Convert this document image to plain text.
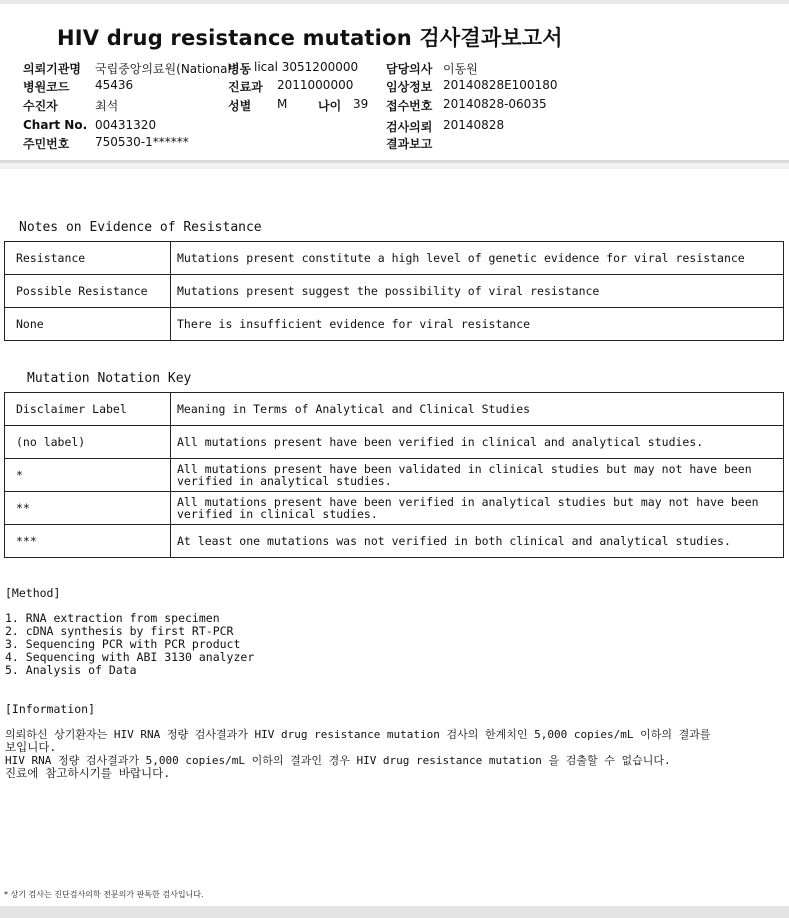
HIV drug resistance mutation 검사결과보고서
의뢰기관명 국립중앙의료원(National
병동 lical 3051200000 담당의사 이동원
병원코드 45436	진료과 2011000000	임상정보 20140828E100180
수진자	최석	성별 M	나이 39 접수번호 20140828-06035
Chart No. 00431320	검사의뢰 20140828
주민번호 750530-1******	결과보고
Notes on Evidence of Resistance
Resistance	Mutations present constitute a high level of genetic evidence for viral resistance
Possible Resistance	Mutations present suggest the possibility of viral resistance
None	There is insufficient evidence for viral resistance
Mutation Notation Key
Disclaimer Label	Meaning in Terms of Analytical and Clinical Studies
(no label)	All mutations present have been verified in clinical and analytical studies.
*	All mutations present have been validated in clinical studies but may not have been verified in analytical studies.
**	All mutations present have been verified in analytical studies but may not have been verified in clinical studies.
***	At least one mutations was not verified in both clinical and analytical studies.
[Method]
1. RNA extraction from specimen
2. cDNA synthesis by first RT-PCR
3. Sequencing PCR with PCR product
4. Sequencing with ABI 3130 analyzer
5. Analysis of Data
[Information]
의뢰하신 상기환자는 HIV RNA 정량 검사결과가 HIV drug resistance mutation 검사의 한계치인 5,000 copies/mL 이하의 결과를
보입니다.
HIV RNA 정량 검사결과가 5,000 copies/mL 이하의 결과인 경우 HIV drug resistance mutation 을 검출할 수 없습니다.
진료에 참고하시기를 바랍니다.
* 상기 검사는 진단검사의학 전문의가 판독한 검사입니다.
